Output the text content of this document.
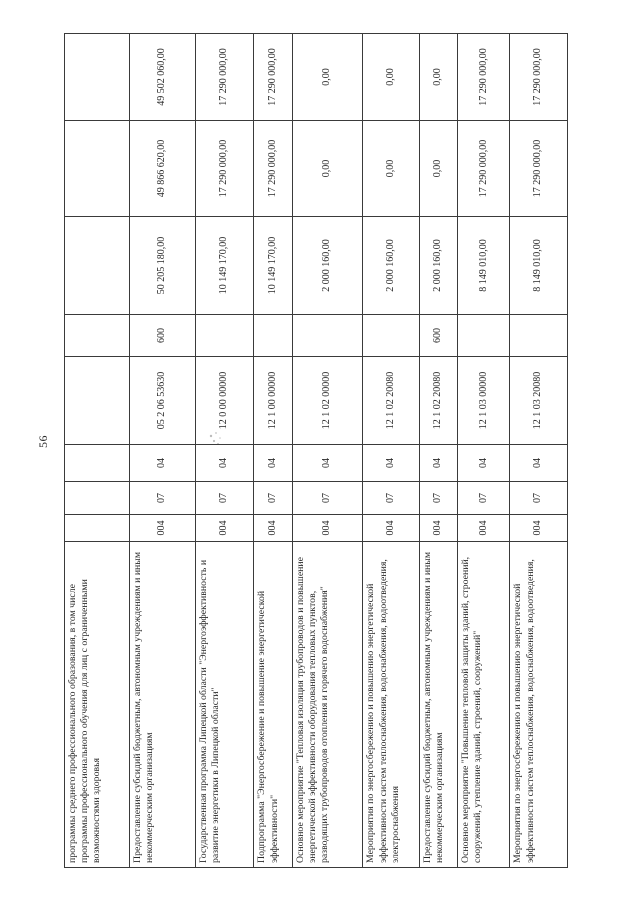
56
программы среднего профессионального образования, в том числе программы профессионального обучения для лиц с ограниченными возможностями здоровья								
Предоставление субсидий бюджетным, автономным учреждениям и иным некоммерческим организациям	004	07	04	05 2 06 53630	600	50 205 180,00	49 866 620,00	49 502 060,00
Государственная программа Липецкой области "Энергоэффективность и развитие энергетики в Липецкой области"	004	07	04	12 0 00 00000		10 149 170,00	17 290 000,00	17 290 000,00
Подпрограмма "Энергосбережение и повышение энергетической эффективности"	004	07	04	12 1 00 00000		10 149 170,00	17 290 000,00	17 290 000,00
Основное мероприятие "Тепловая изоляция трубопроводов и повышение энергетической эффективности оборудования тепловых пунктов, разводящих трубопроводов отопления и горячего водоснабжения"	004	07	04	12 1 02 00000		2 000 160,00	0,00	0,00
Мероприятия по энергосбережению и повышению энергетической эффективности систем теплоснабжения, водоснабжения, водоотведения, электроснабжения	004	07	04	12 1 02 20080		2 000 160,00	0,00	0,00
Предоставление субсидий бюджетным, автономным учреждениям и иным некоммерческим организациям	004	07	04	12 1 02 20080	600	2 000 160,00	0,00	0,00
Основное мероприятие "Повышение тепловой защиты зданий, строений, сооружений, утепление зданий, строений, сооружений"	004	07	04	12 1 03 00000		8 149 010,00	17 290 000,00	17 290 000,00
Мероприятия по энергосбережению и повышению энергетической эффективности систем теплоснабжения, водоснабжения, водоотведения,	004	07	04	12 1 03 20080		8 149 010,00	17 290 000,00	17 290 000,00
